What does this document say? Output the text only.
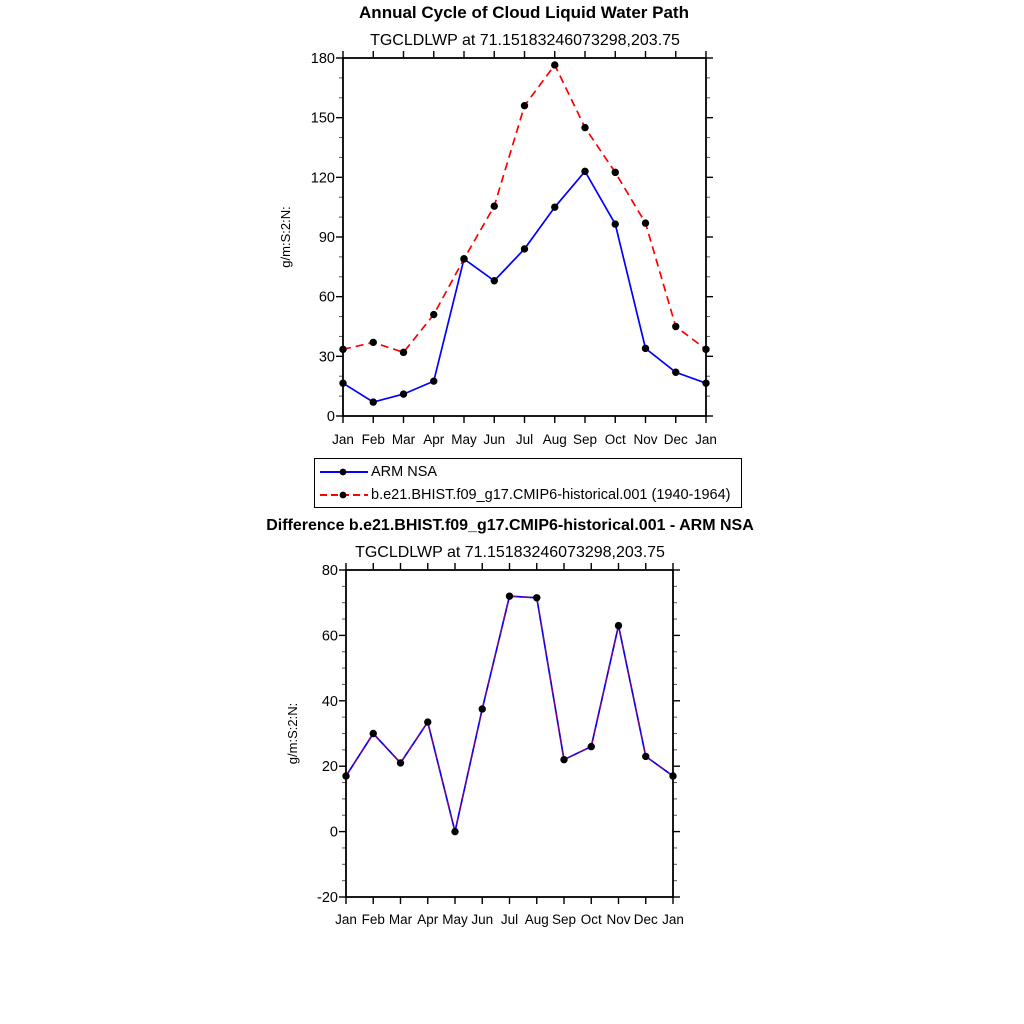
0
30
60
90
120
150
180
Jan Feb Mar Apr May Jun Jul Aug Sep Oct Nov Dec Jan
g/m:S:2:N:
-20
0
20
40
60
80
Jan Feb Mar Apr May Jun Jul Aug Sep Oct Nov Dec Jan
g/m:S:2:N:
Annual Cycle of Cloud Liquid Water Path
TGCLDLWP at 71.15183246073298,203.75
Difference b.e21.BHIST.f09_g17.CMIP6-historical.001 - ARM NSA
TGCLDLWP at 71.15183246073298,203.75
ARM NSA
b.e21.BHIST.f09_g17.CMIP6-historical.001 (1940-1964)
